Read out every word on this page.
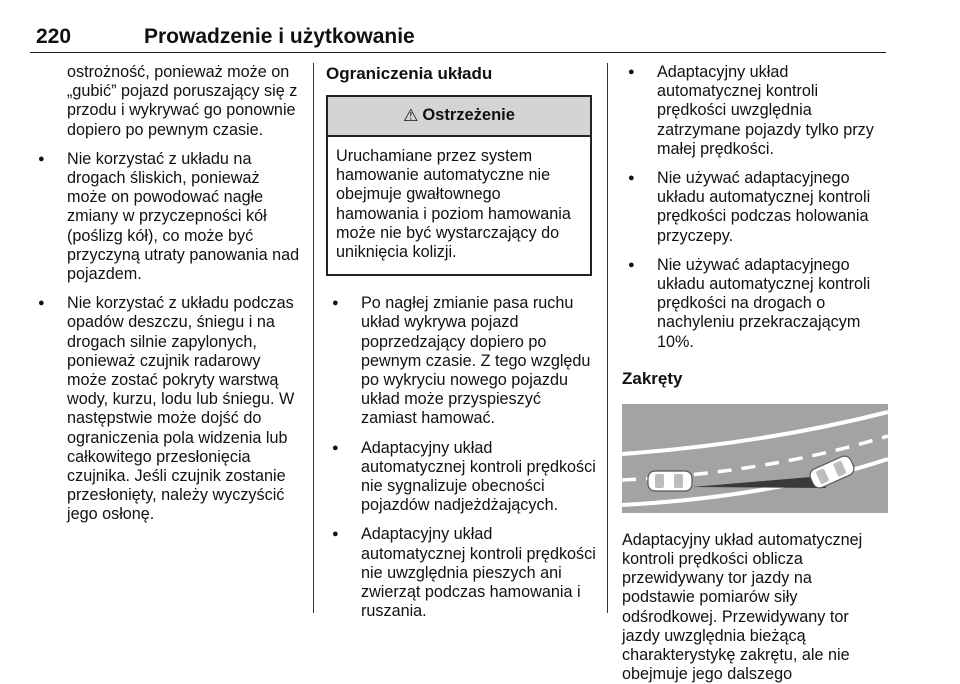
220	Prowadzenie i użytkowanie

ostrożność, ponieważ może on „gubić” pojazd poruszający się z przodu i wykrywać go ponownie dopiero po pewnym czasie.

● Nie korzystać z układu na drogach śliskich, ponieważ może on powodować nagłe zmiany w przyczepności kół (poślizg kół), co może być przyczyną utraty panowania nad pojazdem.

● Nie korzystać z układu podczas opadów deszczu, śniegu i na drogach silnie zapylonych, ponieważ czujnik radarowy może zostać pokryty warstwą wody, kurzu, lodu lub śniegu. W następstwie może dojść do ograniczenia pola widzenia lub całkowitego przesłonięcia czujnika. Jeśli czujnik zostanie przesłonięty, należy wyczyścić jego osłonę.

Ograniczenia układu
⚠ Ostrzeżenie
Uruchamiane przez system hamowanie automatyczne nie obejmuje gwałtownego hamowania i poziom hamowania może nie być wystarczający do uniknięcia kolizji.

● Po nagłej zmianie pasa ruchu układ wykrywa pojazd poprzedzający dopiero po pewnym czasie. Z tego względu po wykryciu nowego pojazdu układ może przyspieszyć zamiast hamować.

● Adaptacyjny układ automatycznej kontroli prędkości nie sygnalizuje obecności pojazdów nadjeżdżających.

● Adaptacyjny układ automatycznej kontroli prędkości nie uwzględnia pieszych ani zwierząt podczas hamowania i ruszania.

● Adaptacyjny układ automatycznej kontroli prędkości uwzględnia zatrzymane pojazdy tylko przy małej prędkości.

● Nie używać adaptacyjnego układu automatycznej kontroli prędkości podczas holowania przyczepy.

● Nie używać adaptacyjnego układu automatycznej kontroli prędkości na drogach o nachyleniu przekraczającym 10%.

Zakręty

Adaptacyjny układ automatycznej kontroli prędkości oblicza przewidywany tor jazdy na podstawie pomiarów siły odśrodkowej. Przewidywany tor jazdy uwzględnia bieżącą charakterystykę zakrętu, ale nie obejmuje jego dalszego
